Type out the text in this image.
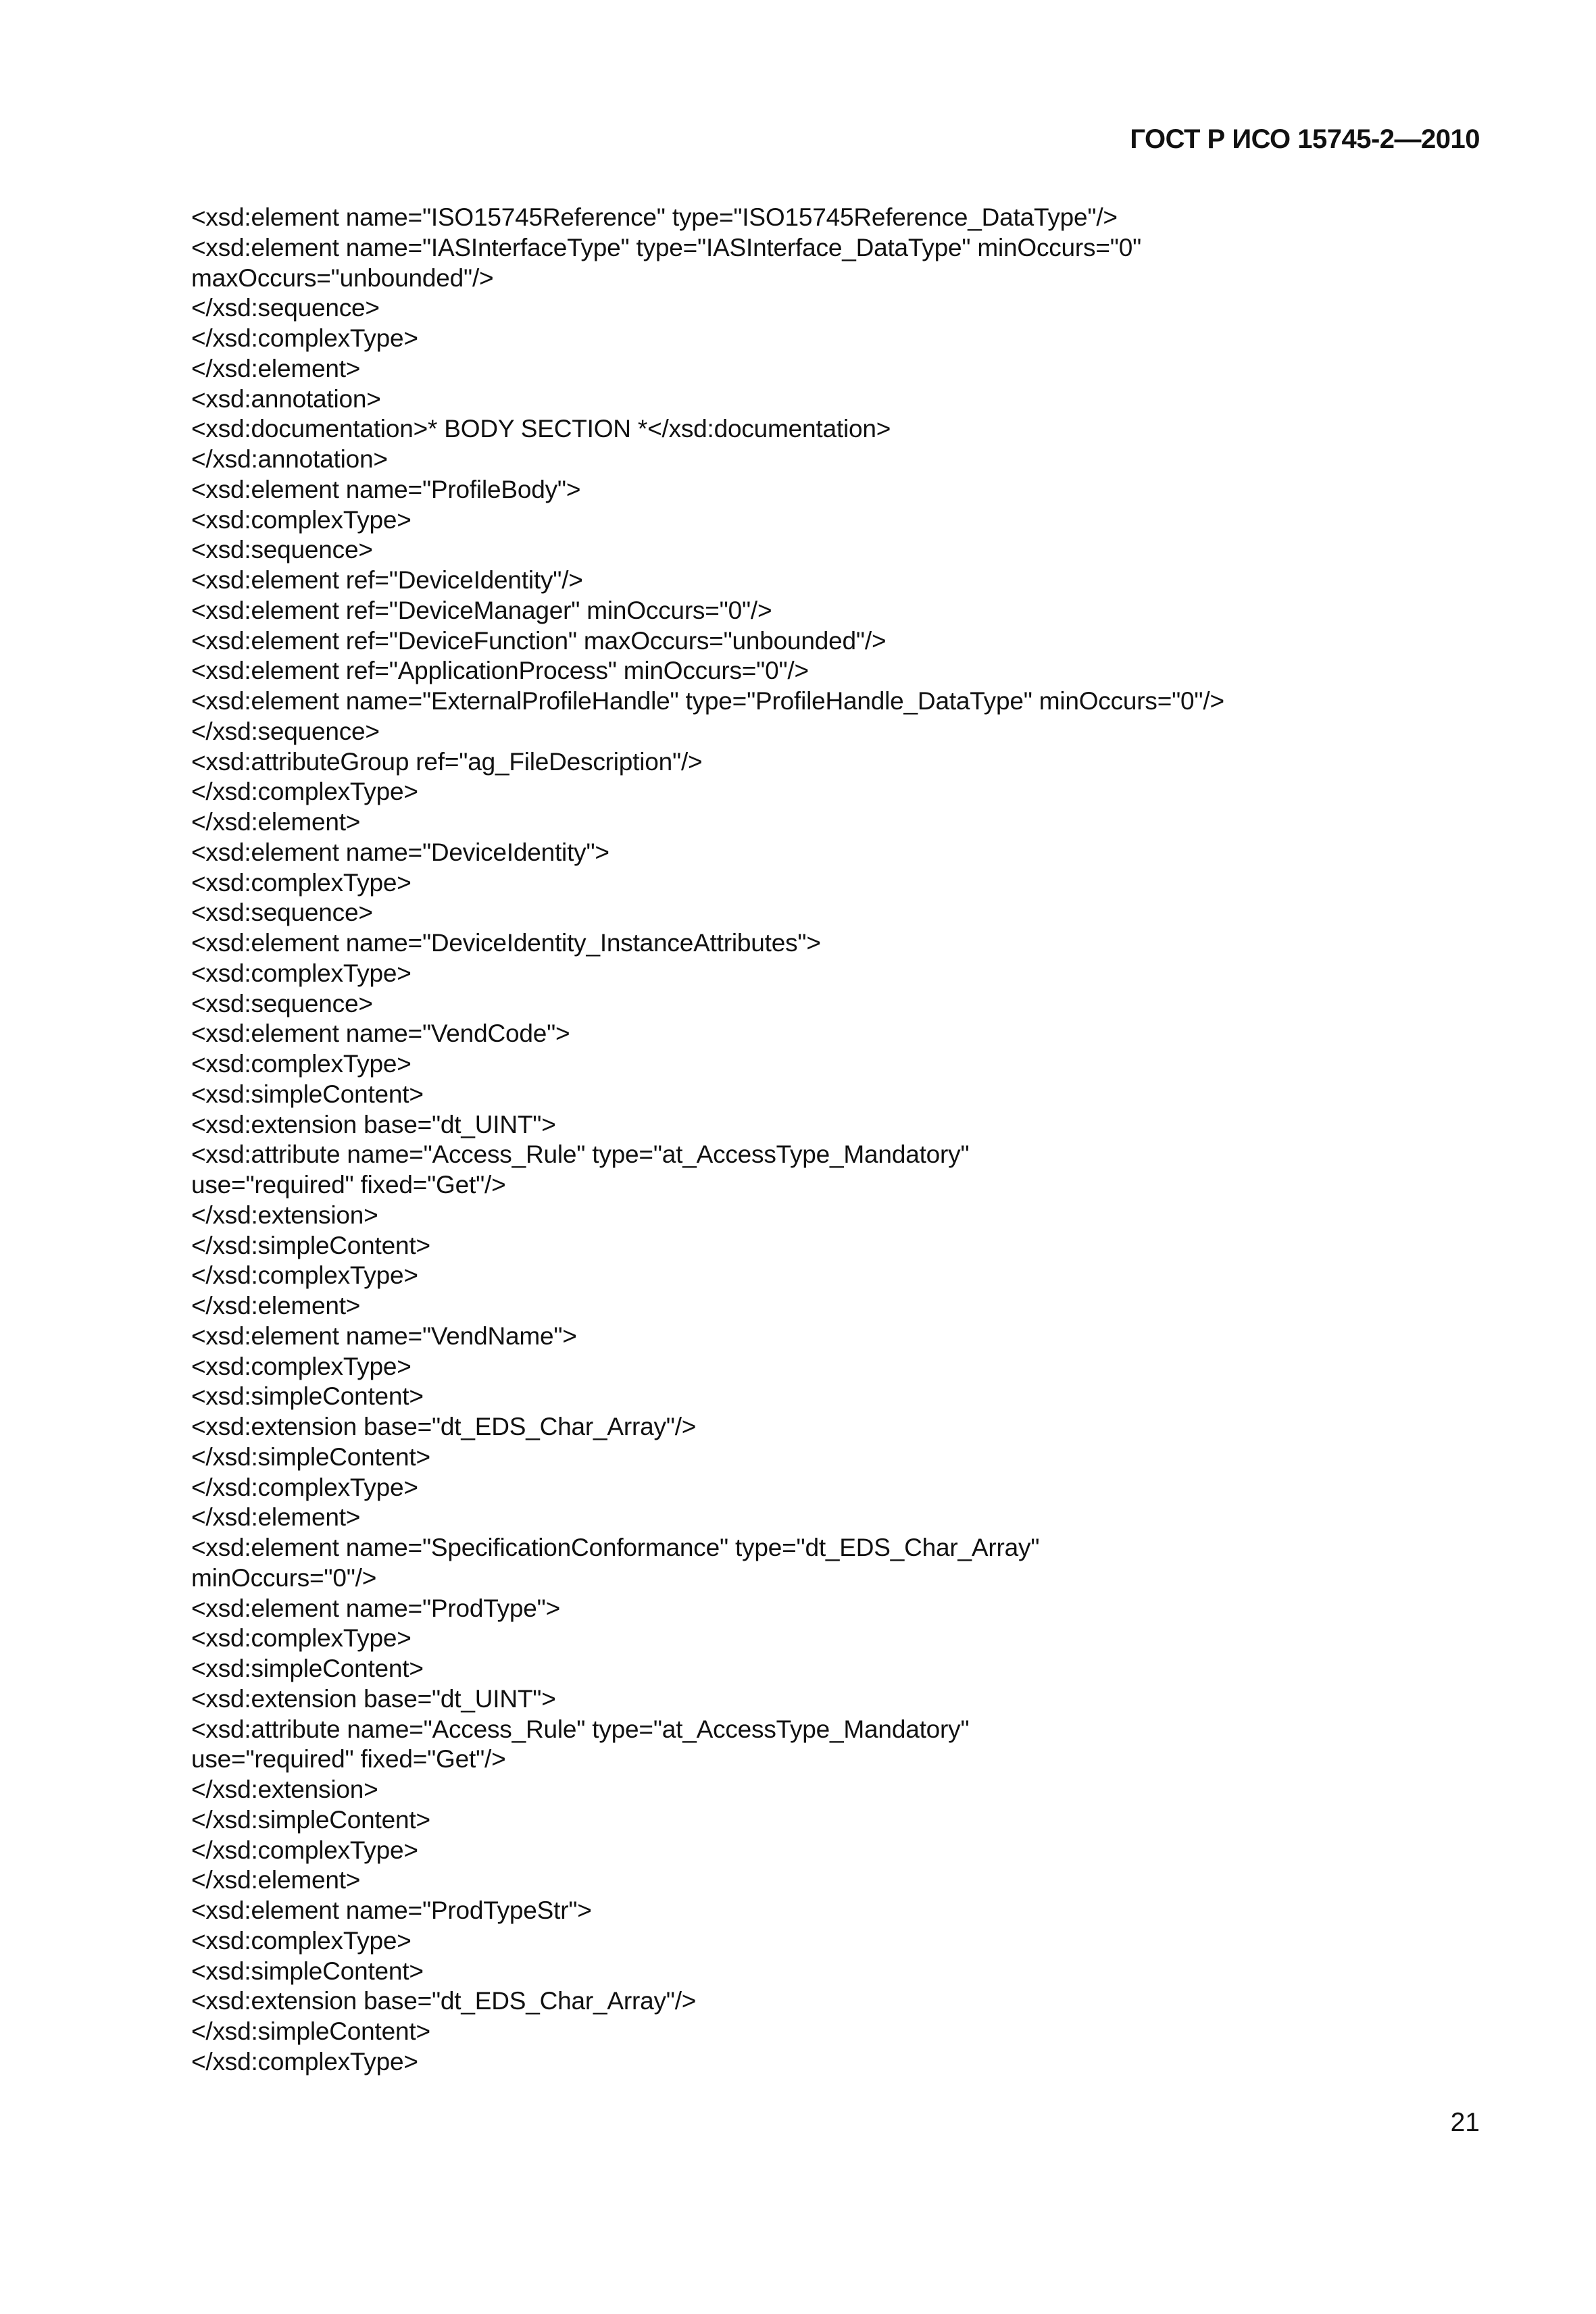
ГОСТ Р ИСО 15745-2—2010
<xsd:element name="ISO15745Reference" type="ISO15745Reference_DataType"/>
<xsd:element name="IASInterfaceType" type="IASInterface_DataType" minOccurs="0"
maxOccurs="unbounded"/>
</xsd:sequence>
</xsd:complexType>
</xsd:element>
<xsd:annotation>
<xsd:documentation>* BODY SECTION *</xsd:documentation>
</xsd:annotation>
<xsd:element name="ProfileBody">
<xsd:complexType>
<xsd:sequence>
<xsd:element ref="DeviceIdentity"/>
<xsd:element ref="DeviceManager" minOccurs="0"/>
<xsd:element ref="DeviceFunction" maxOccurs="unbounded"/>
<xsd:element ref="ApplicationProcess" minOccurs="0"/>
<xsd:element name="ExternalProfileHandle" type="ProfileHandle_DataType" minOccurs="0"/>
</xsd:sequence>
<xsd:attributeGroup ref="ag_FileDescription"/>
</xsd:complexType>
</xsd:element>
<xsd:element name="DeviceIdentity">
<xsd:complexType>
<xsd:sequence>
<xsd:element name="DeviceIdentity_InstanceAttributes">
<xsd:complexType>
<xsd:sequence>
<xsd:element name="VendCode">
<xsd:complexType>
<xsd:simpleContent>
<xsd:extension base="dt_UINT">
<xsd:attribute name="Access_Rule" type="at_AccessType_Mandatory"
use="required" fixed="Get"/>
</xsd:extension>
</xsd:simpleContent>
</xsd:complexType>
</xsd:element>
<xsd:element name="VendName">
<xsd:complexType>
<xsd:simpleContent>
<xsd:extension base="dt_EDS_Char_Array"/>
</xsd:simpleContent>
</xsd:complexType>
</xsd:element>
<xsd:element name="SpecificationConformance" type="dt_EDS_Char_Array"
minOccurs="0"/>
<xsd:element name="ProdType">
<xsd:complexType>
<xsd:simpleContent>
<xsd:extension base="dt_UINT">
<xsd:attribute name="Access_Rule" type="at_AccessType_Mandatory"
use="required" fixed="Get"/>
</xsd:extension>
</xsd:simpleContent>
</xsd:complexType>
</xsd:element>
<xsd:element name="ProdTypeStr">
<xsd:complexType>
<xsd:simpleContent>
<xsd:extension base="dt_EDS_Char_Array"/>
</xsd:simpleContent>
</xsd:complexType>
21
